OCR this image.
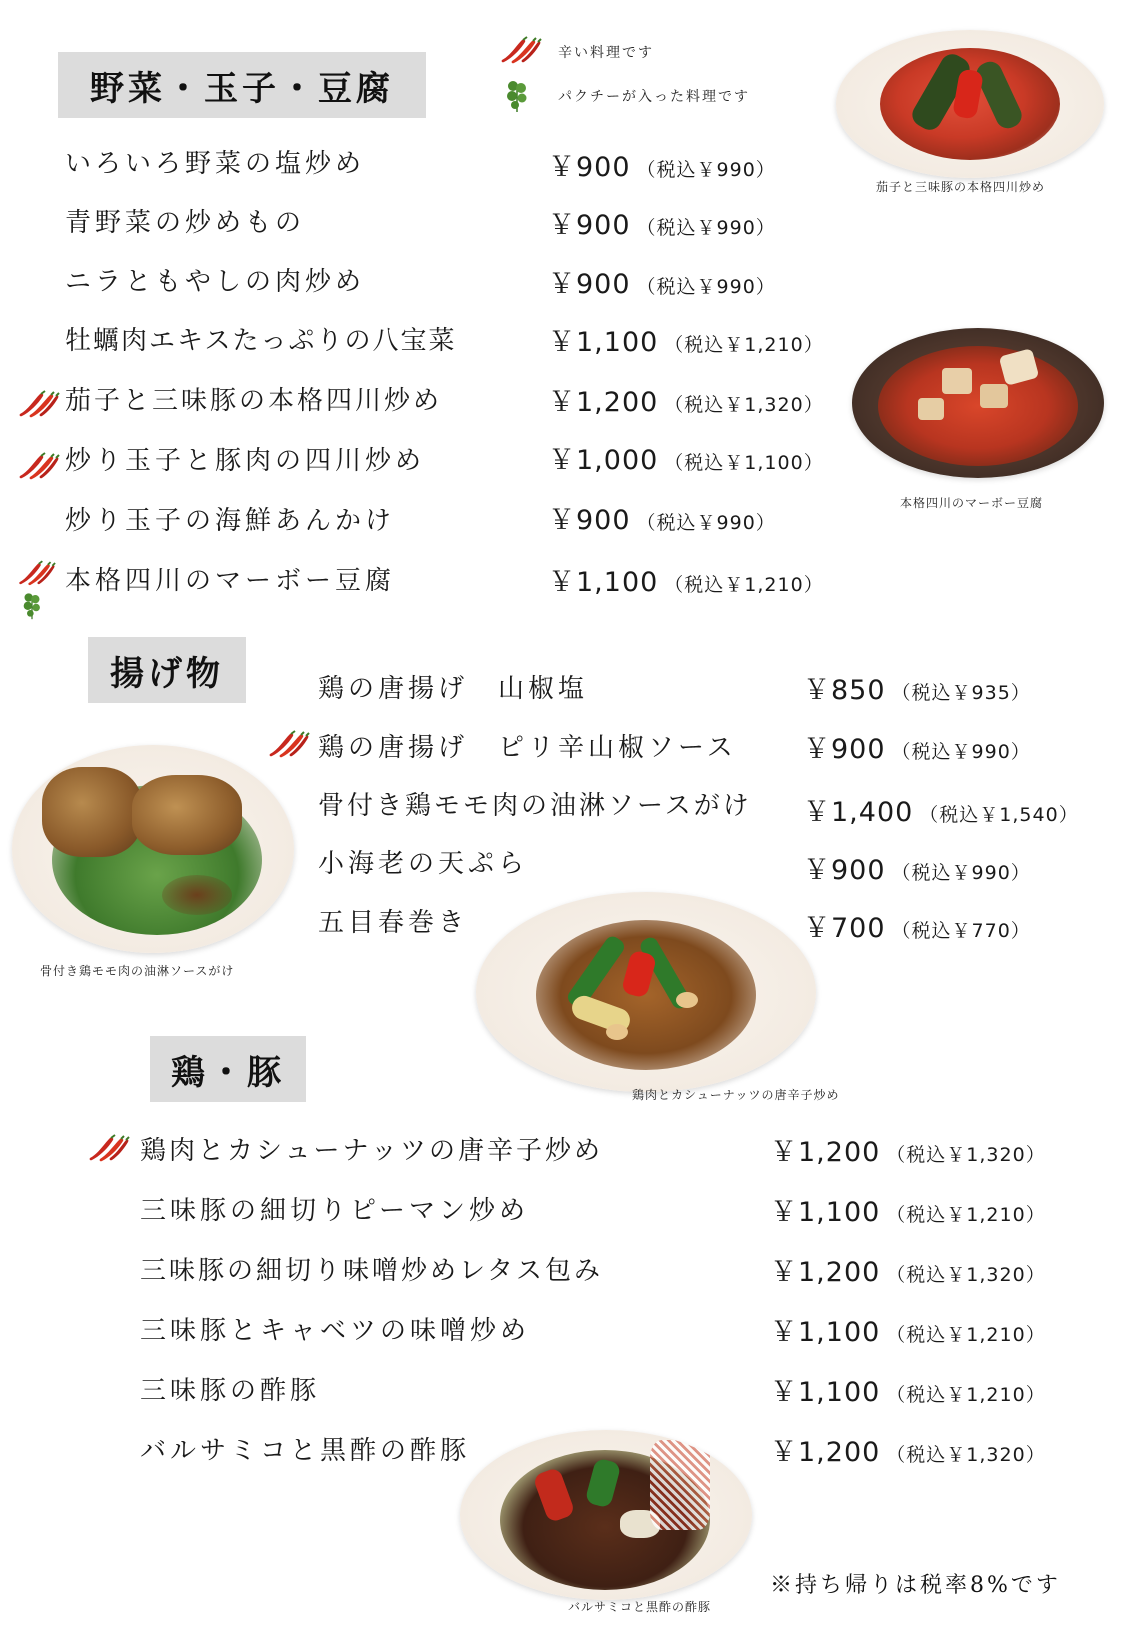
野菜・玉子・豆腐
辛い料理です
パクチーが入った料理です
いろいろ野菜の塩炒め	￥900 （税込￥990）
青野菜の炒めもの	￥900 （税込￥990）
ニラともやしの肉炒め	￥900 （税込￥990）
牡蠣肉エキスたっぷりの八宝菜	￥1,100 （税込￥1,210）
茄子と三味豚の本格四川炒め	￥1,200 （税込￥1,320）
炒り玉子と豚肉の四川炒め	￥1,000 （税込￥1,100）
炒り玉子の海鮮あんかけ	￥900 （税込￥990）
本格四川のマーボー豆腐	￥1,100 （税込￥1,210）
茄子と三味豚の本格四川炒め
本格四川のマーボー豆腐
揚げ物	鶏の唐揚げ　山椒塩	￥850 （税込￥935）
鶏の唐揚げ　ピリ辛山椒ソース ￥900 （税込￥990）
骨付き鶏モモ肉の油淋ソースがけ ￥1,400 （税込￥1,540）
小海老の天ぷら	￥900 （税込￥990）
五目春巻き	￥700 （税込￥770）
骨付き鶏モモ肉の油淋ソースがけ
鶏肉とカシューナッツの唐辛子炒め
鶏・豚
鶏肉とカシューナッツの唐辛子炒め	￥1,200 （税込￥1,320）
三味豚の細切りピーマン炒め	￥1,100 （税込￥1,210）
三味豚の細切り味噌炒めレタス包み	￥1,200 （税込￥1,320）
三味豚とキャベツの味噌炒め	￥1,100 （税込￥1,210）
三味豚の酢豚	￥1,100 （税込￥1,210）
バルサミコと黒酢の酢豚	￥1,200 （税込￥1,320）
バルサミコと黒酢の酢豚
※持ち帰りは税率8%です
